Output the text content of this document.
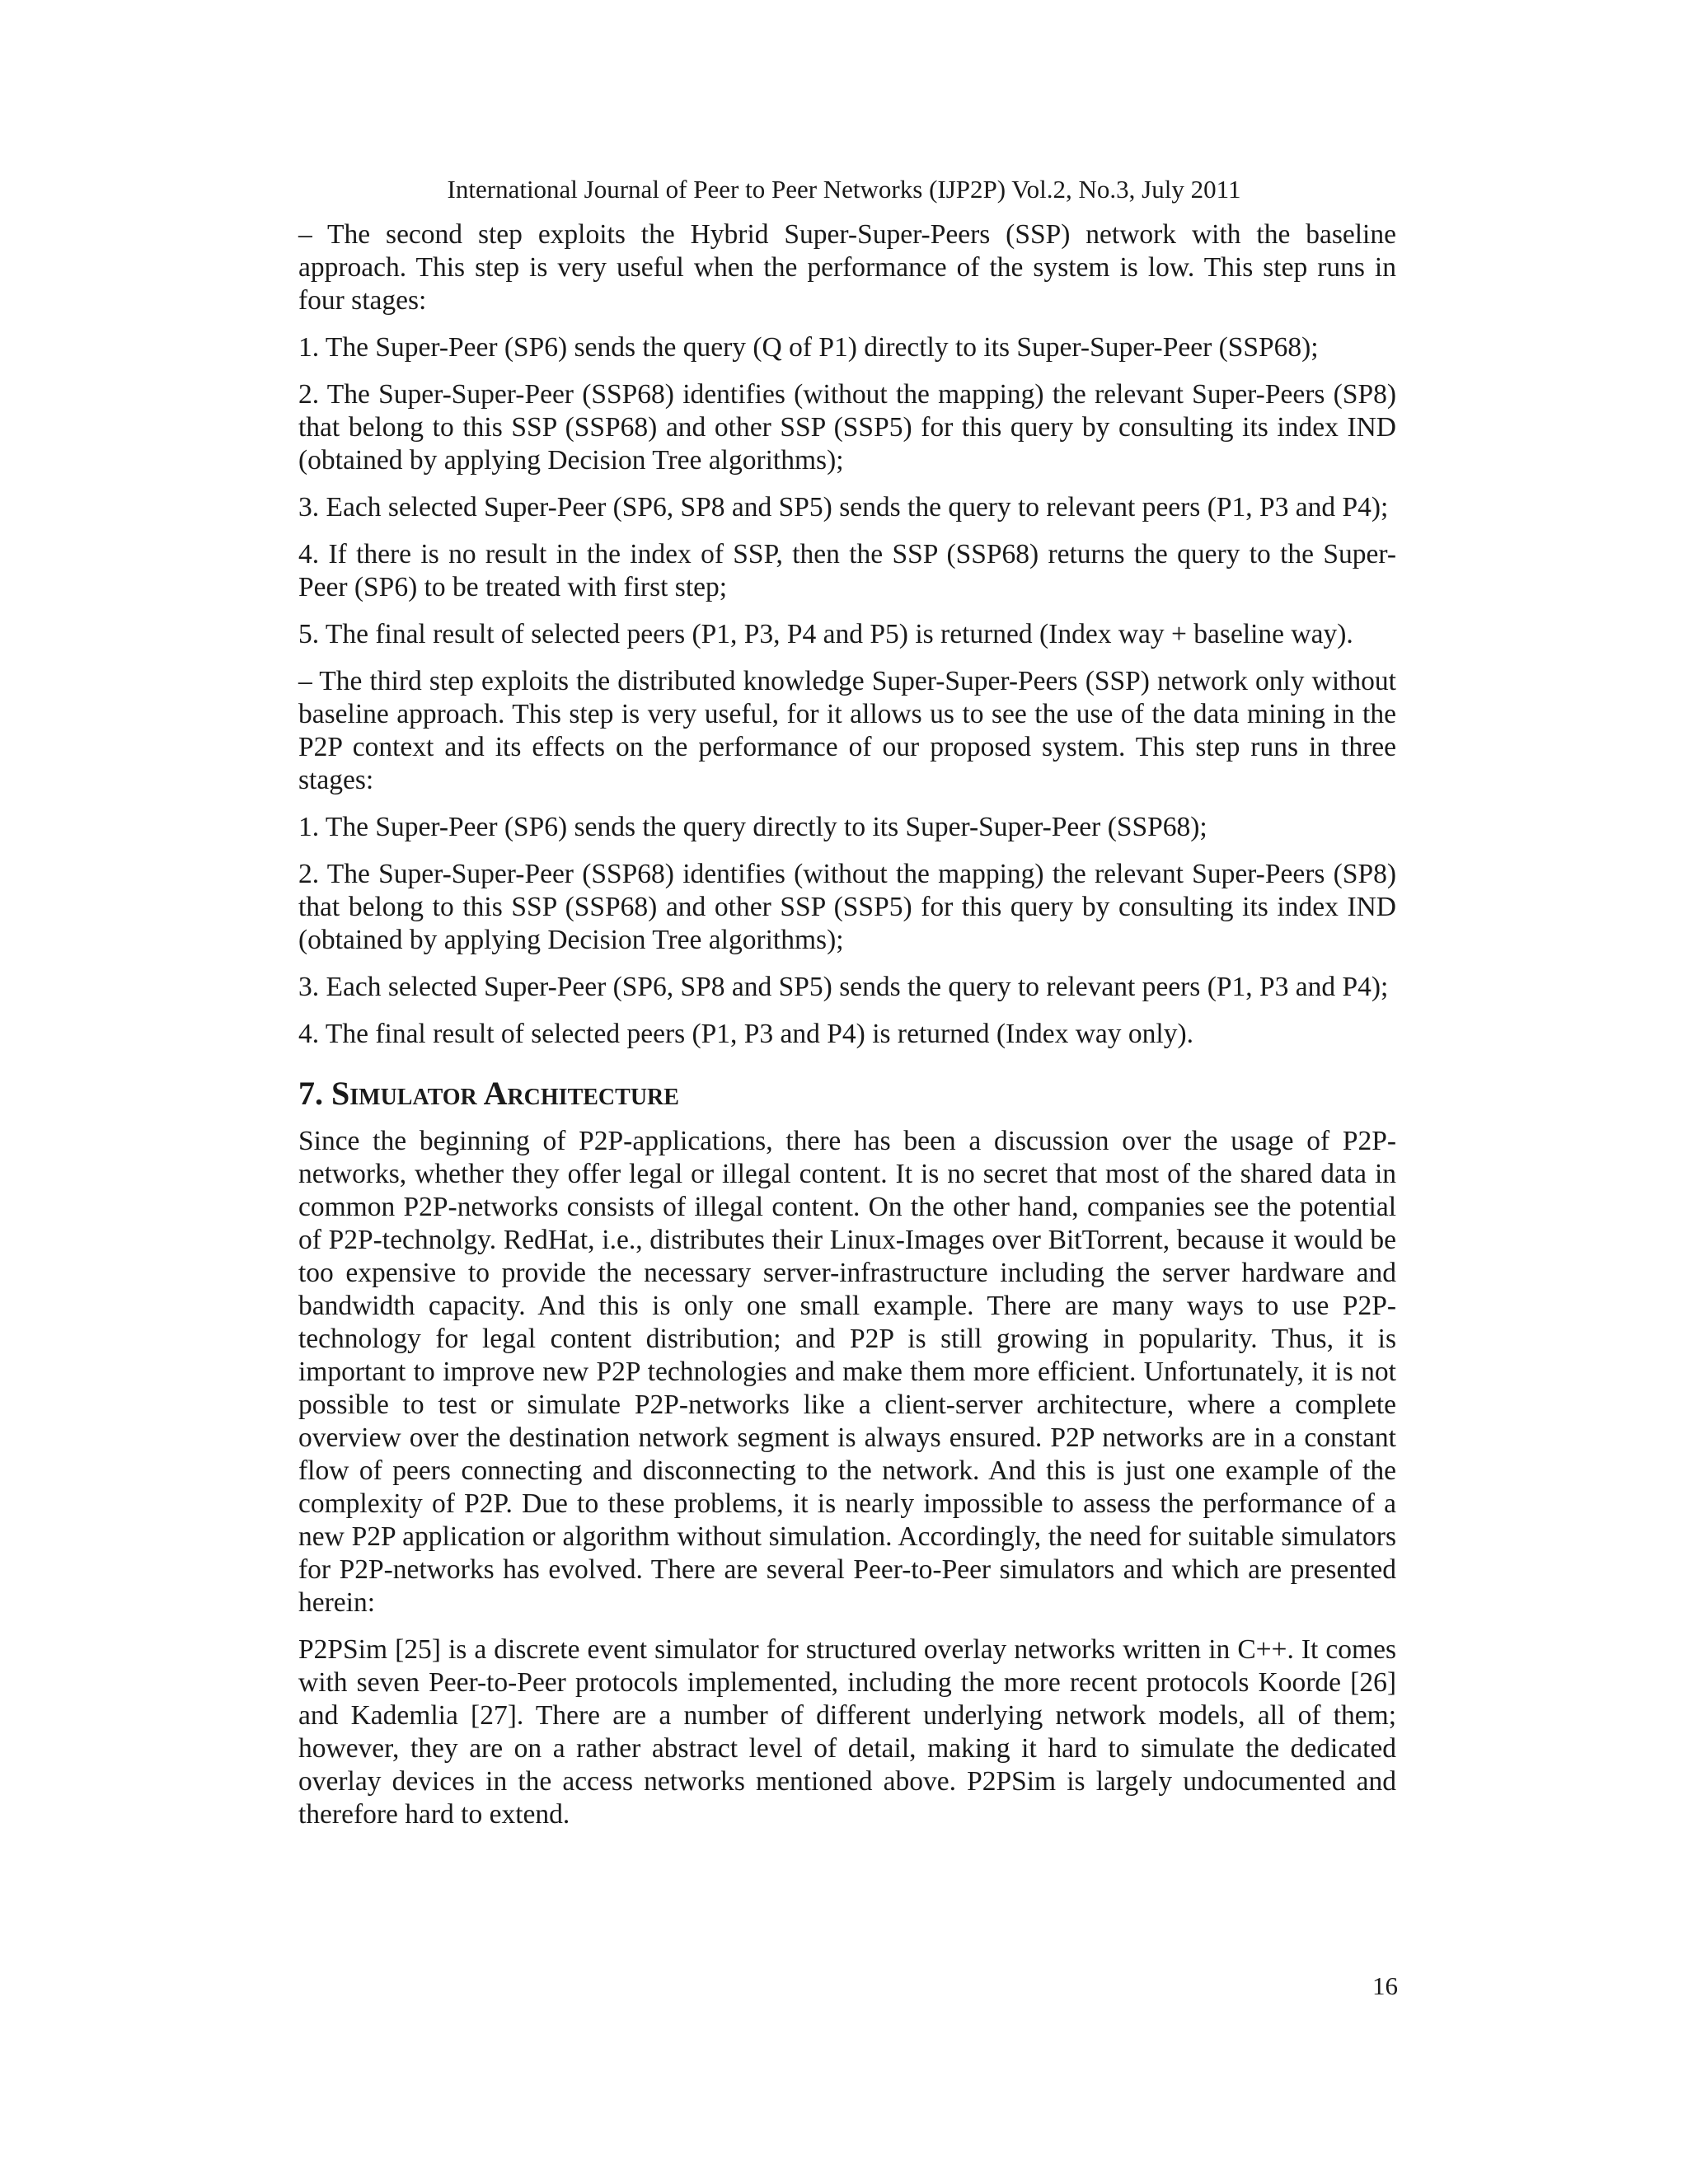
International Journal of Peer to Peer Networks (IJP2P) Vol.2, No.3, July 2011

– The second step exploits the Hybrid Super-Super-Peers (SSP) network with the baseline approach. This step is very useful when the performance of the system is low. This step runs in four stages:

1. The Super-Peer (SP6) sends the query (Q of P1) directly to its Super-Super-Peer (SSP68);

2. The Super-Super-Peer (SSP68) identifies (without the mapping) the relevant Super-Peers (SP8) that belong to this SSP (SSP68) and other SSP (SSP5) for this query by consulting its index IND (obtained by applying Decision Tree algorithms);

3. Each selected Super-Peer (SP6, SP8 and SP5) sends the query to relevant peers (P1, P3 and P4);

4. If there is no result in the index of SSP, then the SSP (SSP68) returns the query to the Super-Peer (SP6) to be treated with first step;

5. The final result of selected peers (P1, P3, P4 and P5) is returned (Index way + baseline way).

– The third step exploits the distributed knowledge Super-Super-Peers (SSP) network only without baseline approach. This step is very useful, for it allows us to see the use of the data mining in the P2P context and its effects on the performance of our proposed system. This step runs in three stages:

1. The Super-Peer (SP6) sends the query directly to its Super-Super-Peer (SSP68);

2. The Super-Super-Peer (SSP68) identifies (without the mapping) the relevant Super-Peers (SP8) that belong to this SSP (SSP68) and other SSP (SSP5) for this query by consulting its index IND (obtained by applying Decision Tree algorithms);

3. Each selected Super-Peer (SP6, SP8 and SP5) sends the query to relevant peers (P1, P3 and P4);

4. The final result of selected peers (P1, P3 and P4) is returned (Index way only).

7. Simulator Architecture

Since the beginning of P2P-applications, there has been a discussion over the usage of P2P-networks, whether they offer legal or illegal content. It is no secret that most of the shared data in common P2P-networks consists of illegal content. On the other hand, companies see the potential of P2P-technolgy. RedHat, i.e., distributes their Linux-Images over BitTorrent, because it would be too expensive to provide the necessary server-infrastructure including the server hardware and bandwidth capacity. And this is only one small example. There are many ways to use P2P-technology for legal content distribution; and P2P is still growing in popularity. Thus, it is important to improve new P2P technologies and make them more efficient. Unfortunately, it is not possible to test or simulate P2P-networks like a client-server architecture, where a complete overview over the destination network segment is always ensured. P2P networks are in a constant flow of peers connecting and disconnecting to the network. And this is just one example of the complexity of P2P. Due to these problems, it is nearly impossible to assess the performance of a new P2P application or algorithm without simulation. Accordingly, the need for suitable simulators for P2P-networks has evolved. There are several Peer-to-Peer simulators and which are presented herein:

P2PSim [25] is a discrete event simulator for structured overlay networks written in C++. It comes with seven Peer-to-Peer protocols implemented, including the more recent protocols Koorde [26] and Kademlia [27]. There are a number of different underlying network models, all of them; however, they are on a rather abstract level of detail, making it hard to simulate the dedicated overlay devices in the access networks mentioned above. P2PSim is largely undocumented and therefore hard to extend.

16
